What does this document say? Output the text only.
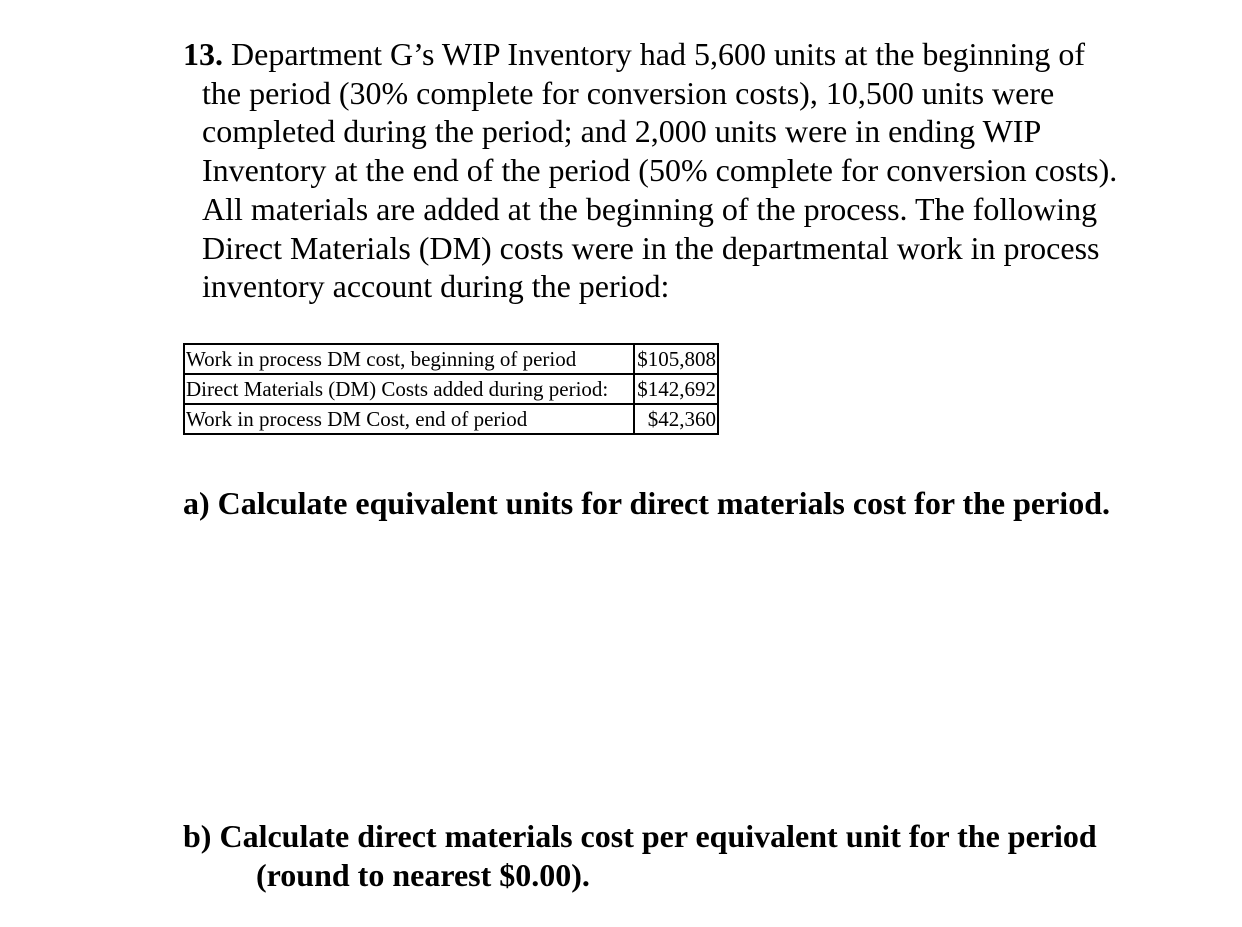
13. Department G’s WIP Inventory had 5,600 units at the beginning of the period (30% complete for conversion costs), 10,500 units were completed during the period; and 2,000 units were in ending WIP Inventory at the end of the period (50% complete for conversion costs). All materials are added at the beginning of the process. The following Direct Materials (DM) costs were in the departmental work in process inventory account during the period:
Work in process DM cost, beginning of period	$105,808
Direct Materials (DM) Costs added during period:	$142,692
Work in process DM Cost, end of period	$42,360
a) Calculate equivalent units for direct materials cost for the period.
b) Calculate direct materials cost per equivalent unit for the period (round to nearest $0.00).
